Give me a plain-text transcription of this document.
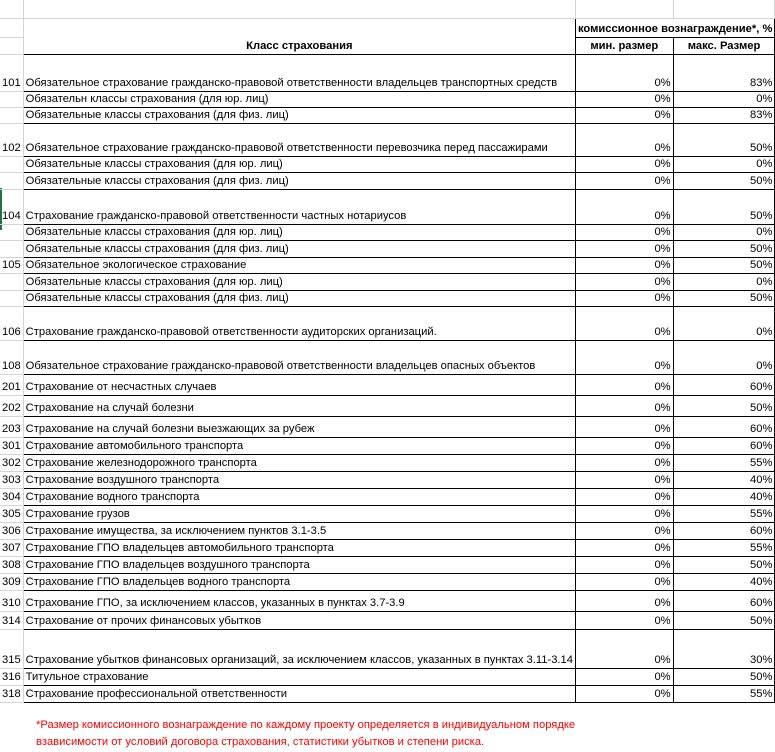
		комиссионное вознаграждение*, %	
	Класс страхования	мин. размер	макс. Размер
101	Обязательное страхование гражданско-правовой ответственности владельцев транспортных средств	0%	83%
	Обязательн классы страхования (для юр. лиц)	0%	0%
	Обязательные классы страхования (для физ. лиц)	0%	83%
102	Обязательное страхование гражданско-правовой ответственности перевозчика перед пассажирами	0%	50%
	Обязательные классы страхования (для юр. лиц)	0%	0%
	Обязательные классы страхования (для физ. лиц)	0%	50%
104	Страхование гражданско-правовой ответственности частных нотариусов	0%	50%
	Обязательные классы страхования (для юр. лиц)	0%	0%
	Обязательные классы страхования (для физ. лиц)	0%	50%
105	Обязательное экологическое страхование	0%	50%
	Обязательные классы страхования (для юр. лиц)	0%	0%
	Обязательные классы страхования (для физ. лиц)	0%	50%
106	Страхование гражданско-правовой ответственности аудиторских организаций.	0%	0%
108	Обязательное страхование гражданско-правовой ответственности владельцев опасных объектов	0%	0%
201	Страхование от несчастных случаев	0%	60%
202	Страхование на случай болезни	0%	50%
203	Страхование на случай болезни выезжающих за рубеж	0%	60%
301	Страхование автомобильного транспорта	0%	60%
302	Страхование железнодорожного транспорта	0%	55%
303	Страхование воздушного транспорта	0%	40%
304	Страхование водного транспорта	0%	40%
305	Страхование грузов	0%	55%
306	Страхование имущества, за исключением пунктов 3.1-3.5	0%	60%
307	Страхование ГПО владельцев автомобильного транспорта	0%	55%
308	Страхование ГПО владельцев воздушного транспорта	0%	50%
309	Страхование ГПО владельцев водного транспорта	0%	40%
310	Страхование ГПО, за исключением классов, указанных в пунктах 3.7-3.9	0%	60%
314	Страхование от прочих финансовых убытков	0%	50%
315	Страхование убытков финансовых организаций, за исключением классов, указанных в пунктах 3.11-3.14	0%	30%
316	Титульное страхование	0%	50%
318	Страхование профессиональной ответственности	0%	55%
*Размер комиссионного вознаграждение по каждому проекту определяется в индивидуальном порядке взависимости от условий договора страхования, статистики убытков и степени риска.
